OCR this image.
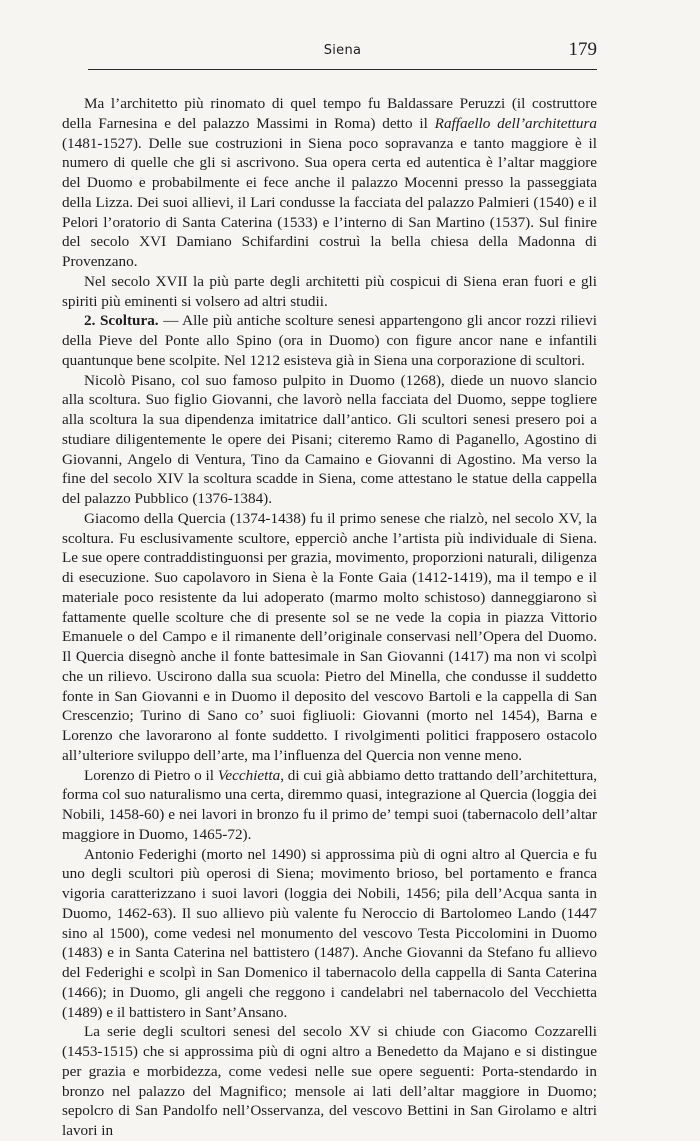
Siena	179

Ma l’architetto più rinomato di quel tempo fu Baldassare Peruzzi (il costruttore della Farnesina e del palazzo Massimi in Roma) detto il Raffaello dell’architettura (1481-1527). Delle sue costruzioni in Siena poco sopravanza e tanto maggiore è il numero di quelle che gli si ascrivono. Sua opera certa ed autentica è l’altar maggiore del Duomo e probabilmente ei fece anche il palazzo Mocenni presso la passeggiata della Lizza. Dei suoi allievi, il Lari condusse la facciata del palazzo Palmieri (1540) e il Pelori l’oratorio di Santa Caterina (1533) e l’interno di San Martino (1537). Sul finire del secolo XVI Damiano Schifardini costruì la bella chiesa della Madonna di Provenzano.

Nel secolo XVII la più parte degli architetti più cospicui di Siena eran fuori e gli spiriti più eminenti si volsero ad altri studii.

2. Scoltura. — Alle più antiche scolture senesi appartengono gli ancor rozzi rilievi della Pieve del Ponte allo Spino (ora in Duomo) con figure ancor nane e infantili quantunque bene scolpite. Nel 1212 esisteva già in Siena una corporazione di scultori.

Nicolò Pisano, col suo famoso pulpito in Duomo (1268), diede un nuovo slancio alla scoltura. Suo figlio Giovanni, che lavorò nella facciata del Duomo, seppe togliere alla scoltura la sua dipendenza imitatrice dall’antico. Gli scultori senesi presero poi a studiare diligentemente le opere dei Pisani; citeremo Ramo di Paganello, Agostino di Giovanni, Angelo di Ventura, Tino da Camaino e Giovanni di Agostino. Ma verso la fine del secolo XIV la scoltura scadde in Siena, come attestano le statue della cappella del palazzo Pubblico (1376-1384).

Giacomo della Quercia (1374-1438) fu il primo senese che rialzò, nel secolo XV, la scoltura. Fu esclusivamente scultore, epperciò anche l’artista più individuale di Siena. Le sue opere contraddistinguonsi per grazia, movimento, proporzioni naturali, diligenza di esecuzione. Suo capolavoro in Siena è la Fonte Gaia (1412-1419), ma il tempo e il materiale poco resistente da lui adoperato (marmo molto schistoso) danneggiarono sì fattamente quelle scolture che di presente sol se ne vede la copia in piazza Vittorio Emanuele o del Campo e il rimanente dell’originale conservasi nell’Opera del Duomo. Il Quercia disegnò anche il fonte battesimale in San Giovanni (1417) ma non vi scolpì che un rilievo. Uscirono dalla sua scuola: Pietro del Minella, che condusse il suddetto fonte in San Giovanni e in Duomo il deposito del vescovo Bartoli e la cappella di San Crescenzio; Turino di Sano co’ suoi figliuoli: Giovanni (morto nel 1454), Barna e Lorenzo che lavorarono al fonte suddetto. I rivolgimenti politici frapposero ostacolo all’ulteriore sviluppo dell’arte, ma l’influenza del Quercia non venne meno.

Lorenzo di Pietro o il Vecchietta, di cui già abbiamo detto trattando dell’architettura, forma col suo naturalismo una certa, diremmo quasi, integrazione al Quercia (loggia dei Nobili, 1458-60) e nei lavori in bronzo fu il primo de’ tempi suoi (tabernacolo dell’altar maggiore in Duomo, 1465-72).

Antonio Federighi (morto nel 1490) si approssima più di ogni altro al Quercia e fu uno degli scultori più operosi di Siena; movimento brioso, bel portamento e franca vigoria caratterizzano i suoi lavori (loggia dei Nobili, 1456; pila dell’Acqua santa in Duomo, 1462-63). Il suo allievo più valente fu Neroccio di Bartolomeo Lando (1447 sino al 1500), come vedesi nel monumento del vescovo Testa Piccolomini in Duomo (1483) e in Santa Caterina nel battistero (1487). Anche Giovanni da Stefano fu allievo del Federighi e scolpì in San Domenico il tabernacolo della cappella di Santa Caterina (1466); in Duomo, gli angeli che reggono i candelabri nel tabernacolo del Vecchietta (1489) e il battistero in Sant’Ansano.

La serie degli scultori senesi del secolo XV si chiude con Giacomo Cozzarelli (1453-1515) che si approssima più di ogni altro a Benedetto da Majano e si distingue per grazia e morbidezza, come vedesi nelle sue opere seguenti: Porta-stendardo in bronzo nel palazzo del Magnifico; mensole ai lati dell’altar maggiore in Duomo; sepolcro di San Pandolfo nell’Osservanza, del vescovo Bettini in San Girolamo e altri lavori in
